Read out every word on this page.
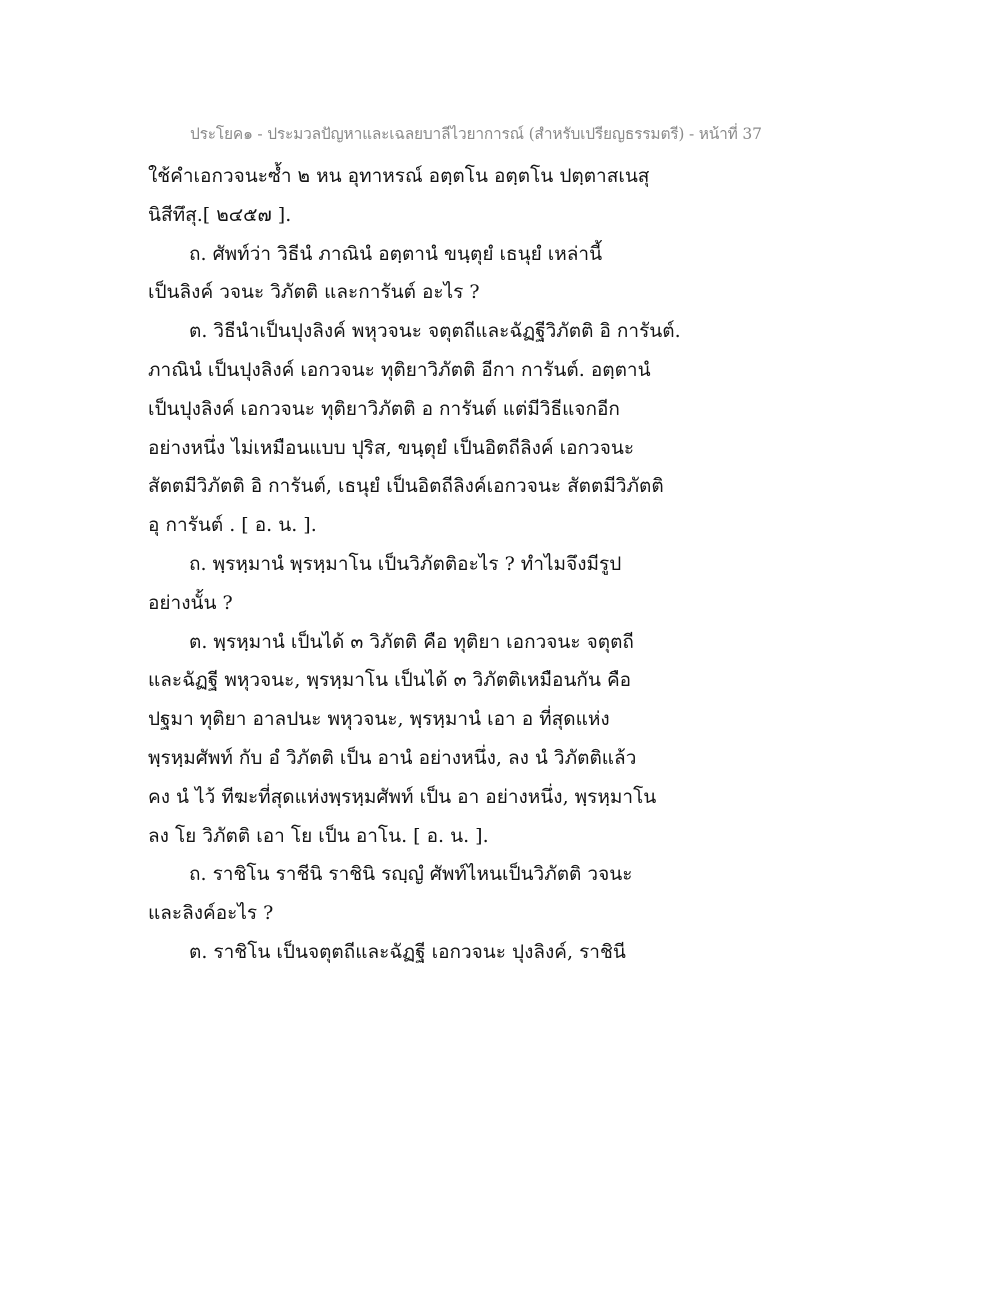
ประโยค๑ - ประมวลปัญหาและเฉลยบาลีไวยาการณ์ (สำหรับเปรียญธรรมตรี) - หน้าที่ 37
ใช้คำเอกวจนะซ้ำ ๒ หน อุทาหรณ์ อตฺตโน อตฺตโน ปตฺตาสเนสุ
นิสีทึสุ.[ ๒๔๕๗ ].
ถ. ศัพท์ว่า วิธีนํ ภาณินํ อตฺตานํ ขนฺตุยํ เธนุยํ เหล่านี้
เป็นลิงค์ วจนะ วิภัตติ และการันต์ อะไร ?
ต. วิธีนำเป็นปุงลิงค์ พหุวจนะ จตุตถีและฉัฏฐีวิภัตติ อิ การันต์.
ภาณินํ เป็นปุงลิงค์ เอกวจนะ ทุติยาวิภัตติ อีกา การันต์. อตฺตานํ
เป็นปุงลิงค์ เอกวจนะ ทุติยาวิภัตติ อ การันต์ แต่มีวิธีแจกอีก
อย่างหนึ่ง ไม่เหมือนแบบ ปุริส, ขนฺตุยํ เป็นอิตถีลิงค์ เอกวจนะ
สัตตมีวิภัตติ อิ การันต์, เธนุยํ เป็นอิตถีลิงค์เอกวจนะ สัตตมีวิภัตติ
อุ การันต์ . [ อ. น. ].
ถ. พฺรหฺมานํ พฺรหฺมาโน เป็นวิภัตติอะไร ? ทำไมจึงมีรูป
อย่างนั้น ?
ต. พฺรหฺมานํ เป็นได้ ๓ วิภัตติ คือ ทุติยา เอกวจนะ จตุตถี
และฉัฏฐี พหุวจนะ, พฺรหฺมาโน เป็นได้ ๓ วิภัตติเหมือนกัน คือ
ปฐมา ทุติยา อาลปนะ พหุวจนะ, พฺรหฺมานํ เอา อ ที่สุดแห่ง
พฺรหฺมศัพท์ กับ อํ วิภัตติ เป็น อานํ อย่างหนึ่ง, ลง นํ วิภัตติแล้ว
คง นํ ไว้ ทีฆะที่สุดแห่งพฺรหฺมศัพท์ เป็น อา อย่างหนึ่ง, พฺรหฺมาโน
ลง โย วิภัตติ เอา โย เป็น อาโน. [ อ. น. ].
ถ. ราชิโน ราชีนิ ราชินิ รญฺญํ ศัพท์ไหนเป็นวิภัตติ วจนะ
และลิงค์อะไร ?
ต. ราชิโน เป็นจตุตถีและฉัฏฐี เอกวจนะ ปุงลิงค์, ราชินี
